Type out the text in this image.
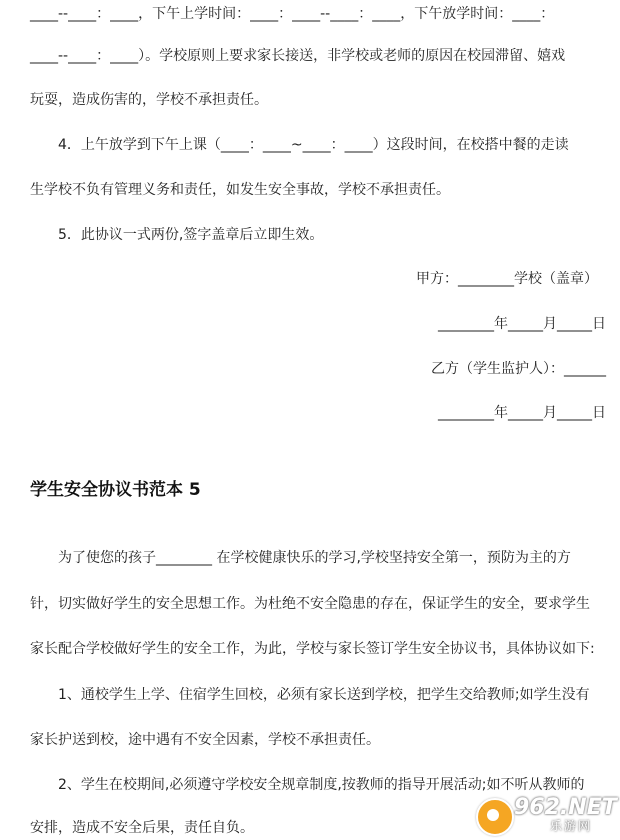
____--____：____，下午上学时间：____：____--____：____，下午放学时间：____：
____--____：____）。学校原则上要求家长接送，非学校或老师的原因在校园滞留、嬉戏
玩耍，造成伤害的，学校不承担责任。
4．上午放学到下午上课（____：____~____：____）这段时间，在校搭中餐的走读
生学校不负有管理义务和责任，如发生安全事故，学校不承担责任。
5．此协议一式两份,签字盖章后立即生效。
甲方：________学校（盖章）
________年_____月_____日
乙方（学生监护人）：______
________年_____月_____日
学生安全协议书范本 5
为了使您的孩子________ 在学校健康快乐的学习,学校坚持安全第一，预防为主的方
针，切实做好学生的安全思想工作。为杜绝不安全隐患的存在，保证学生的安全，要求学生
家长配合学校做好学生的安全工作，为此，学校与家长签订学生安全协议书，具体协议如下:
1、通校学生上学、住宿学生回校，必须有家长送到学校，把学生交给教师;如学生没有
家长护送到校，途中遇有不安全因素，学校不承担责任。
2、学生在校期间,必须遵守学校安全规章制度,按教师的指导开展活动;如不听从教师的
安排，造成不安全后果，责任自负。
962.NET
乐游网
